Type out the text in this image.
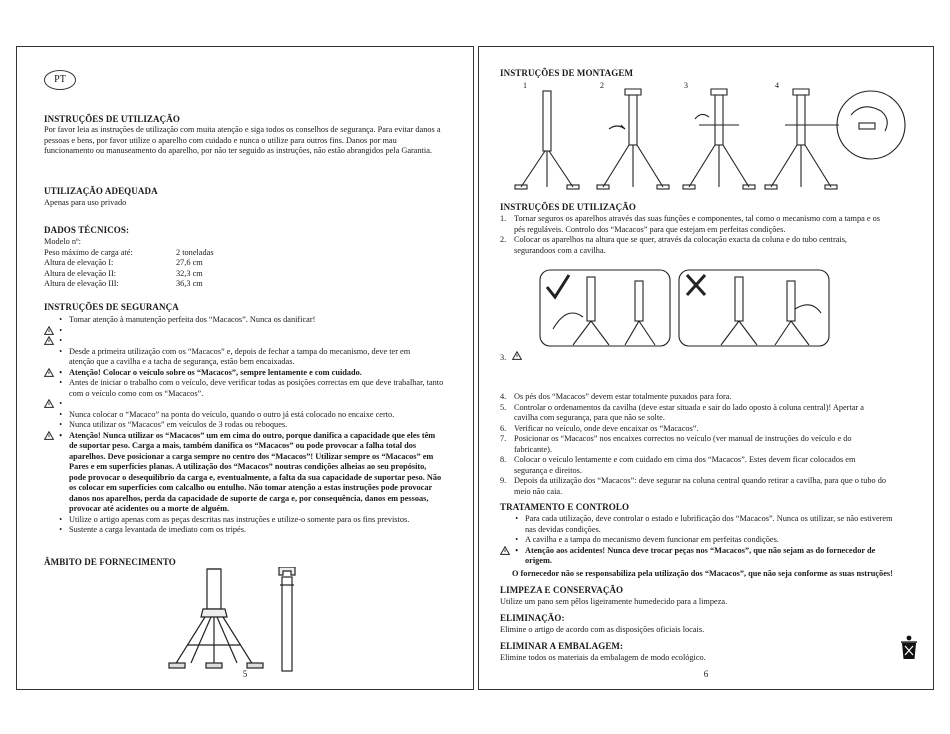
PT
INSTRUÇÕES DE UTILIZAÇÃO

Por favor leia as instruções de utilização com muita atenção e siga todos os conselhos de segurança. Para evitar danos a

pessoas e bens, por favor utilize o aparelho com cuidado e nunca o utilize para outros fins. Danos por mau

funcionamento ou manuseamento do aparelho, por não ter seguido as instruções, não estão abrangidos pela Garantia.

UTILIZAÇÃO ADEQUADA

Apenas para uso privado

DADOS TÉCNICOS:

Modelo nº:

Peso máximo de carga até:	2 toneladas
Altura de elevação I:	27,6 cm
Altura de elevação II:	32,3 cm
Altura de elevação III:	36,3 cm
INSTRUÇÕES DE SEGURANÇA
• Tomar atenção à manutenção perfeita dos “Macacos”. Nunca os danificar!
•
•
• Desde a primeira utilização com os “Macacos” e, depois de fechar a tampa do mecanismo, deve ter em
atenção que a cavilha e a tacha de segurança, estão bem encaixadas.
• Atenção! Colocar o veículo sobre os “Macacos”, sempre lentamente e com cuidado.
• Antes de iniciar o trabalho com o veículo, deve verificar todas as posições correctas em que deve trabalhar, tanto
com o veículo como com os “Macacos”.
•
• Nunca colocar o “Macaco” na ponta do veículo, quando o outro já está colocado no encaixe certo.
• Nunca utilizar os “Macacos” em veículos de 3 rodas ou reboques.
• Atenção! Nunca utilizar os “Macacos” um em cima do outro, porque danifica a capacidade que eles têm
de suportar peso. Carga a mais, também danifica os “Macacos” ou pode provocar a falha total dos
aparelhos. Deve posicionar a carga sempre no centro dos “Macacos”! Utilizar sempre os “Macacos” em
Pares e em superfícies planas. A utilização dos “Macacos” noutras condições alheias ao seu propósito,
pode provocar o desequilíbrio da carga e, eventualmente, a falta da sua capacidade de suportar peso. Não
os colocar em superfícies com calcalho ou entulho. Não tomar atenção a estas instruções pode provocar
danos nos aparelhos, perda da capacidade de suporte de carga e, por consequência, danos em pessoas,
provocar até acidentes ou a morte de alguém.
• Utilize o artigo apenas com as peças descritas nas instruções e utilize-o somente para os fins previstos.
• Sustente a carga levantada de imediato com os tripés.
ÂMBITO DE FORNECIMENTO
5
INSTRUÇÕES DE MONTAGEM
1	2	3	4
INSTRUÇÕES DE UTILIZAÇÃO
1. Tornar seguros os aparelhos através das suas funções e componentes, tal como o mecanismo com a tampa e os
pés reguláveis. Controlo dos “Macacos” para que estejam em perfeitas condições.
2. Colocar os aparelhos na altura que se quer, através da colocação exacta da coluna e do tubo centrais,
segurandoos com a cavilha.
3.
4. Os pés dos “Macacos” devem estar totalmente puxados para fora.
5. Controlar o ordenamentos da cavilha (deve estar situada e sair do lado oposto à coluna central)! Apertar a
cavilha com segurança, para que não se solte.
6. Verificar no veículo, onde deve encaixar os “Macacos”.
7. Posicionar os “Macacos” nos encaixes correctos no veículo (ver manual de instruções do veículo e do
fabricante).
8. Colocar o veículo lentamente e com cuidado em cima dos “Macacos”. Estes devem ficar colocados em
segurança e direitos.
9. Depois da utilização dos “Macacos”: deve segurar na coluna central quando retirar a cavilha, para que o tubo do
meio não caia.
TRATAMENTO E CONTROLO
• Para cada utilização, deve controlar o estado e lubrificação dos “Macacos”. Nunca os utilizar, se não estiverem
nas devidas condições.
• A cavilha e a tampa do mecanismo devem funcionar em perfeitas condições.
• Atenção aos acidentes! Nunca deve trocar peças nos “Macacos”, que não sejam as do fornecedor de
origem.

O fornecedor não se responsabiliza pela utilização dos “Macacos”, que não seja conforme as suas nstruções!

LIMPEZA E CONSERVAÇÃO

Utilize um pano sem pêlos ligeiramente humedecido para a limpeza.

ELIMINAÇÃO:

Elimine o artigo de acordo com as disposições oficiais locais.

ELIMINAR A EMBALAGEM:

Elimine todos os materiais da embalagem de modo ecológico.

6
